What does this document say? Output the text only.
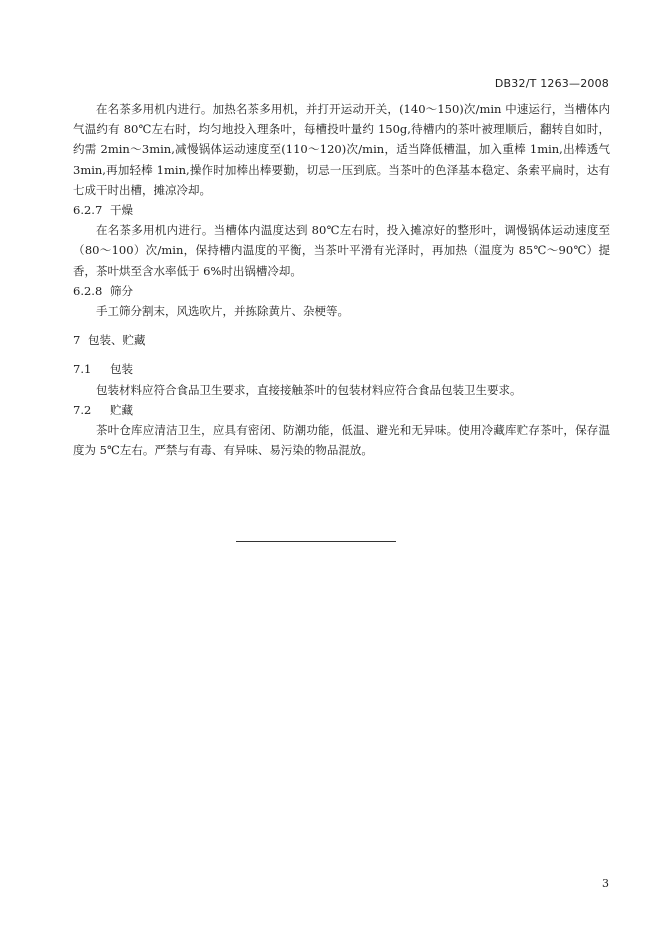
DB32/T 1263—2008

在名茶多用机内进行。加热名茶多用机，并打开运动开关，(140～150)次/min 中速运行，当槽体内气温约有 80℃左右时，均匀地投入理条叶，每槽投叶量约 150g,待槽内的茶叶被理顺后，翻转自如时，约需 2min～3min,减慢锅体运动速度至(110～120)次/min，适当降低槽温，加入重棒 1min,出棒透气 3min,再加轻棒 1min,操作时加棒出棒要勤，切忌一压到底。当茶叶的色泽基本稳定、条索平扁时，达有七成干时出槽，摊凉冷却。

6.2.7 干燥

在名茶多用机内进行。当槽体内温度达到 80℃左右时，投入摊凉好的整形叶，调慢锅体运动速度至（80～100）次/min，保持槽内温度的平衡，当茶叶平滑有光泽时，再加热（温度为 85℃～90℃）提香，茶叶烘至含水率低于 6%时出锅槽冷却。

6.2.8 筛分

手工筛分割末，风选吹片，并拣除黄片、杂梗等。

7 包装、贮藏
7.1 包装

包装材料应符合食品卫生要求，直接接触茶叶的包装材料应符合食品包装卫生要求。

7.2 贮藏

茶叶仓库应清洁卫生，应具有密闭、防潮功能，低温、避光和无异味。使用冷藏库贮存茶叶，保存温度为 5℃左右。严禁与有毒、有异味、易污染的物品混放。

3
